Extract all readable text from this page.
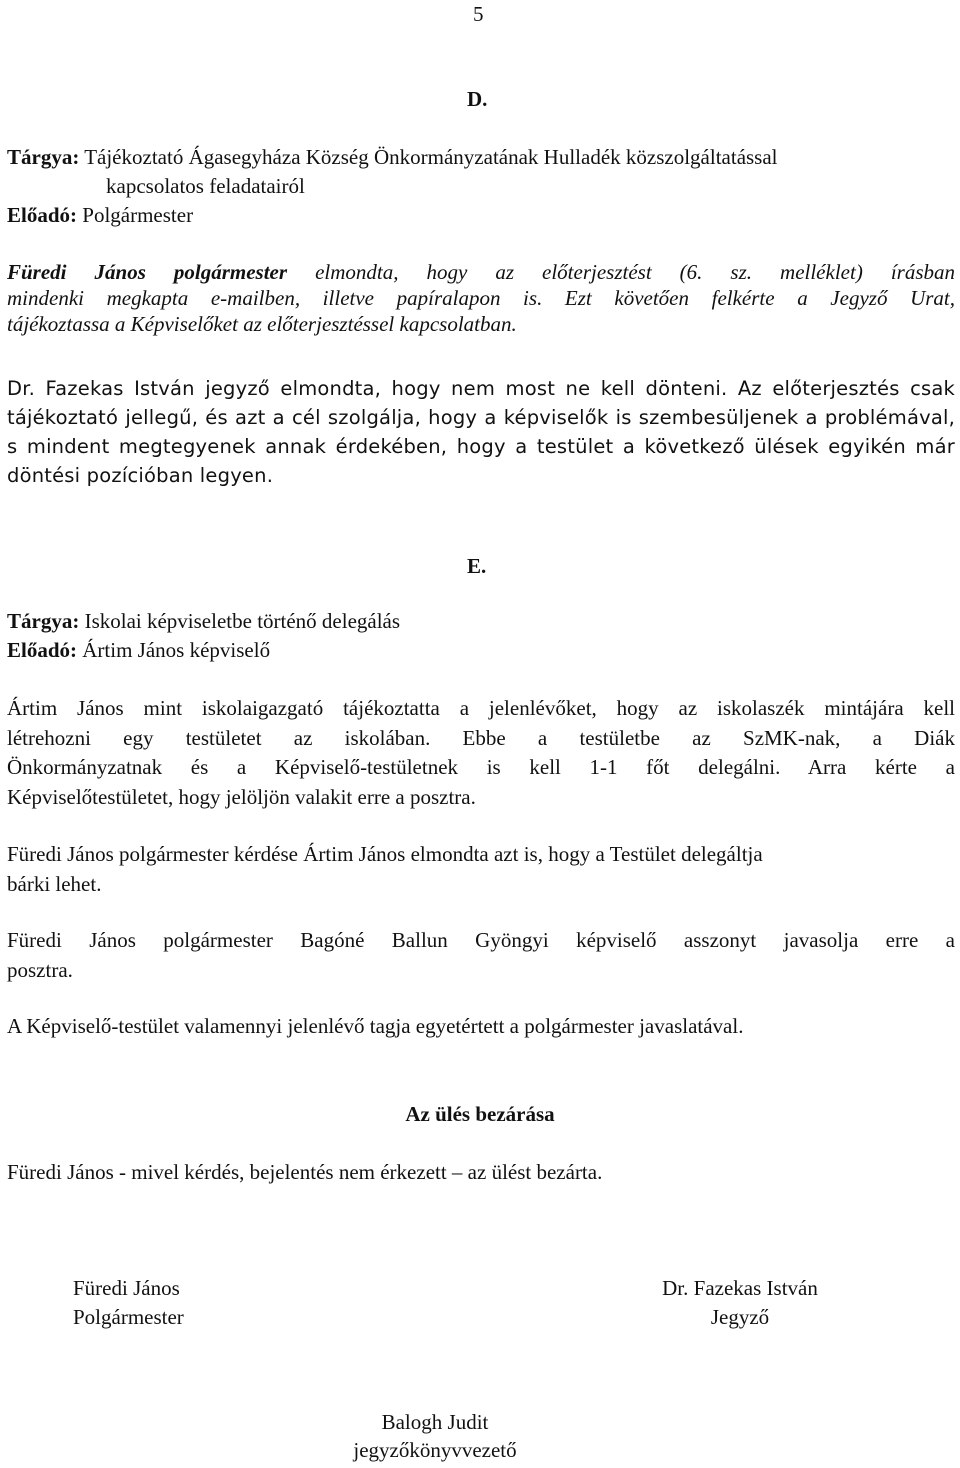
5
D.
Tárgya: Tájékoztató Ágasegyháza Község Önkormányzatának Hulladék közszolgáltatással
kapcsolatos feladatairól
Előadó: Polgármester
Füredi János polgármester elmondta, hogy az előterjesztést (6. sz. melléklet) írásban
mindenki megkapta e-mailben, illetve papíralapon is. Ezt követően felkérte a Jegyző Urat,
tájékoztassa a Képviselőket az előterjesztéssel kapcsolatban.
Dr. Fazekas István jegyző elmondta, hogy nem most ne kell dönteni. Az előterjesztés csak
tájékoztató jellegű, és azt a cél szolgálja, hogy a képviselők is szembesüljenek a problémával,
s mindent megtegyenek annak érdekében, hogy a testület a következő ülések egyikén már
döntési pozícióban legyen.
E.
Tárgya: Iskolai képviseletbe történő delegálás
Előadó: Ártim János képviselő
Ártim János mint iskolaigazgató tájékoztatta a jelenlévőket, hogy az iskolaszék mintájára kell
létrehozni egy testületet az iskolában. Ebbe a testületbe az SzMK-nak, a Diák
Önkormányzatnak és a Képviselő-testületnek is kell 1-1 főt delegálni. Arra kérte a
Képviselőtestületet, hogy jelöljön valakit erre a posztra.
Füredi János polgármester kérdése Ártim János elmondta azt is, hogy a Testület delegáltja
bárki lehet.
Füredi János polgármester Bagóné Ballun Gyöngyi képviselő asszonyt javasolja erre a
posztra.
A Képviselő-testület valamennyi jelenlévő tagja egyetértett a polgármester javaslatával.
Az ülés bezárása
Füredi János - mivel kérdés, bejelentés nem érkezett – az ülést bezárta.
Füredi János
Polgármester
Dr. Fazekas István
Jegyző
Balogh Judit
jegyzőkönyvvezető
